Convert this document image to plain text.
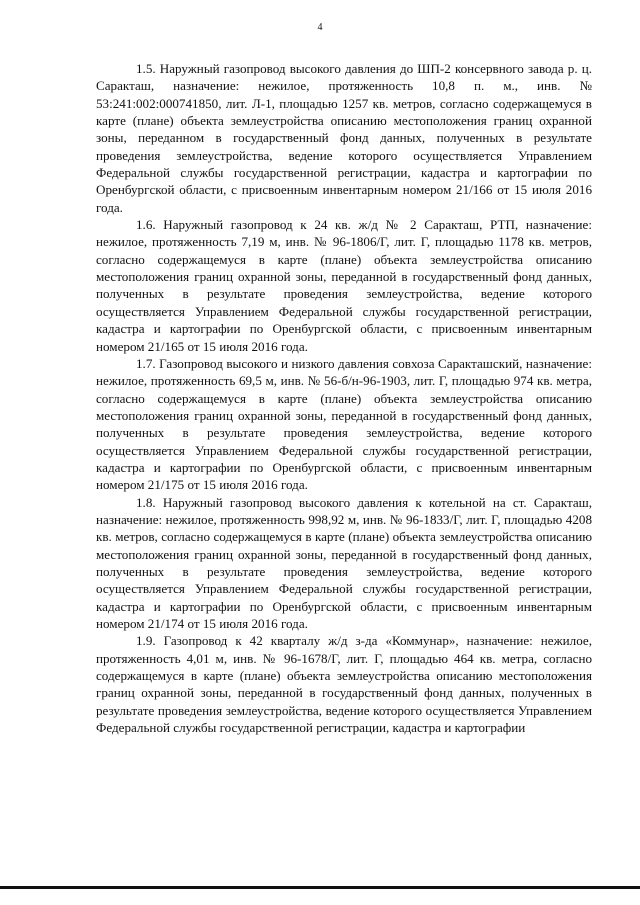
4

1.5. Наружный газопровод высокого давления до ШП-2 консервного завода р. ц. Саракташ, назначение: нежилое, протяженность 10,8 п. м., инв. № 53:241:002:000741850, лит. Л-1, площадью 1257 кв. метров, согласно содержащемуся в карте (плане) объекта землеустройства описанию местоположения границ охранной зоны, переданном в государственный фонд данных, полученных в результате проведения землеустройства, ведение которого осуществляется Управлением Федеральной службы государственной регистрации, кадастра и картографии по Оренбургской области, с присвоенным инвентарным номером 21/166 от 15 июля 2016 года.

1.6. Наружный газопровод к 24 кв. ж/д № 2 Саракташ, РТП, назначение: нежилое, протяженность 7,19 м, инв. № 96-1806/Г, лит. Г, площадью 1178 кв. метров, согласно содержащемуся в карте (плане) объекта землеустройства описанию местоположения границ охранной зоны, переданной в государственный фонд данных, полученных в результате проведения землеустройства, ведение которого осуществляется Управлением Федеральной службы государственной регистрации, кадастра и картографии по Оренбургской области, с присвоенным инвентарным номером 21/165 от 15 июля 2016 года.

1.7. Газопровод высокого и низкого давления совхоза Саракташский, назначение: нежилое, протяженность 69,5 м, инв. № 56-б/н-96-1903, лит. Г, площадью 974 кв. метра, согласно содержащемуся в карте (плане) объекта землеустройства описанию местоположения границ охранной зоны, переданной в государственный фонд данных, полученных в результате проведения землеустройства, ведение которого осуществляется Управлением Федеральной службы государственной регистрации, кадастра и картографии по Оренбургской области, с присвоенным инвентарным номером 21/175 от 15 июля 2016 года.

1.8. Наружный газопровод высокого давления к котельной на ст. Саракташ, назначение: нежилое, протяженность 998,92 м, инв. № 96-1833/Г, лит. Г, площадью 4208 кв. метров, согласно содержащемуся в карте (плане) объекта землеустройства описанию местоположения границ охранной зоны, переданной в государственный фонд данных, полученных в результате проведения землеустройства, ведение которого осуществляется Управлением Федеральной службы государственной регистрации, кадастра и картографии по Оренбургской области, с присвоенным инвентарным номером 21/174 от 15 июля 2016 года.

1.9. Газопровод к 42 кварталу ж/д з-да «Коммунар», назначение: нежилое, протяженность 4,01 м, инв. № 96-1678/Г, лит. Г, площадью 464 кв. метра, согласно содержащемуся в карте (плане) объекта землеустройства описанию местоположения границ охранной зоны, переданной в государственный фонд данных, полученных в результате проведения землеустройства, ведение которого осуществляется Управлением Федеральной службы государственной регистрации, кадастра и картографии
